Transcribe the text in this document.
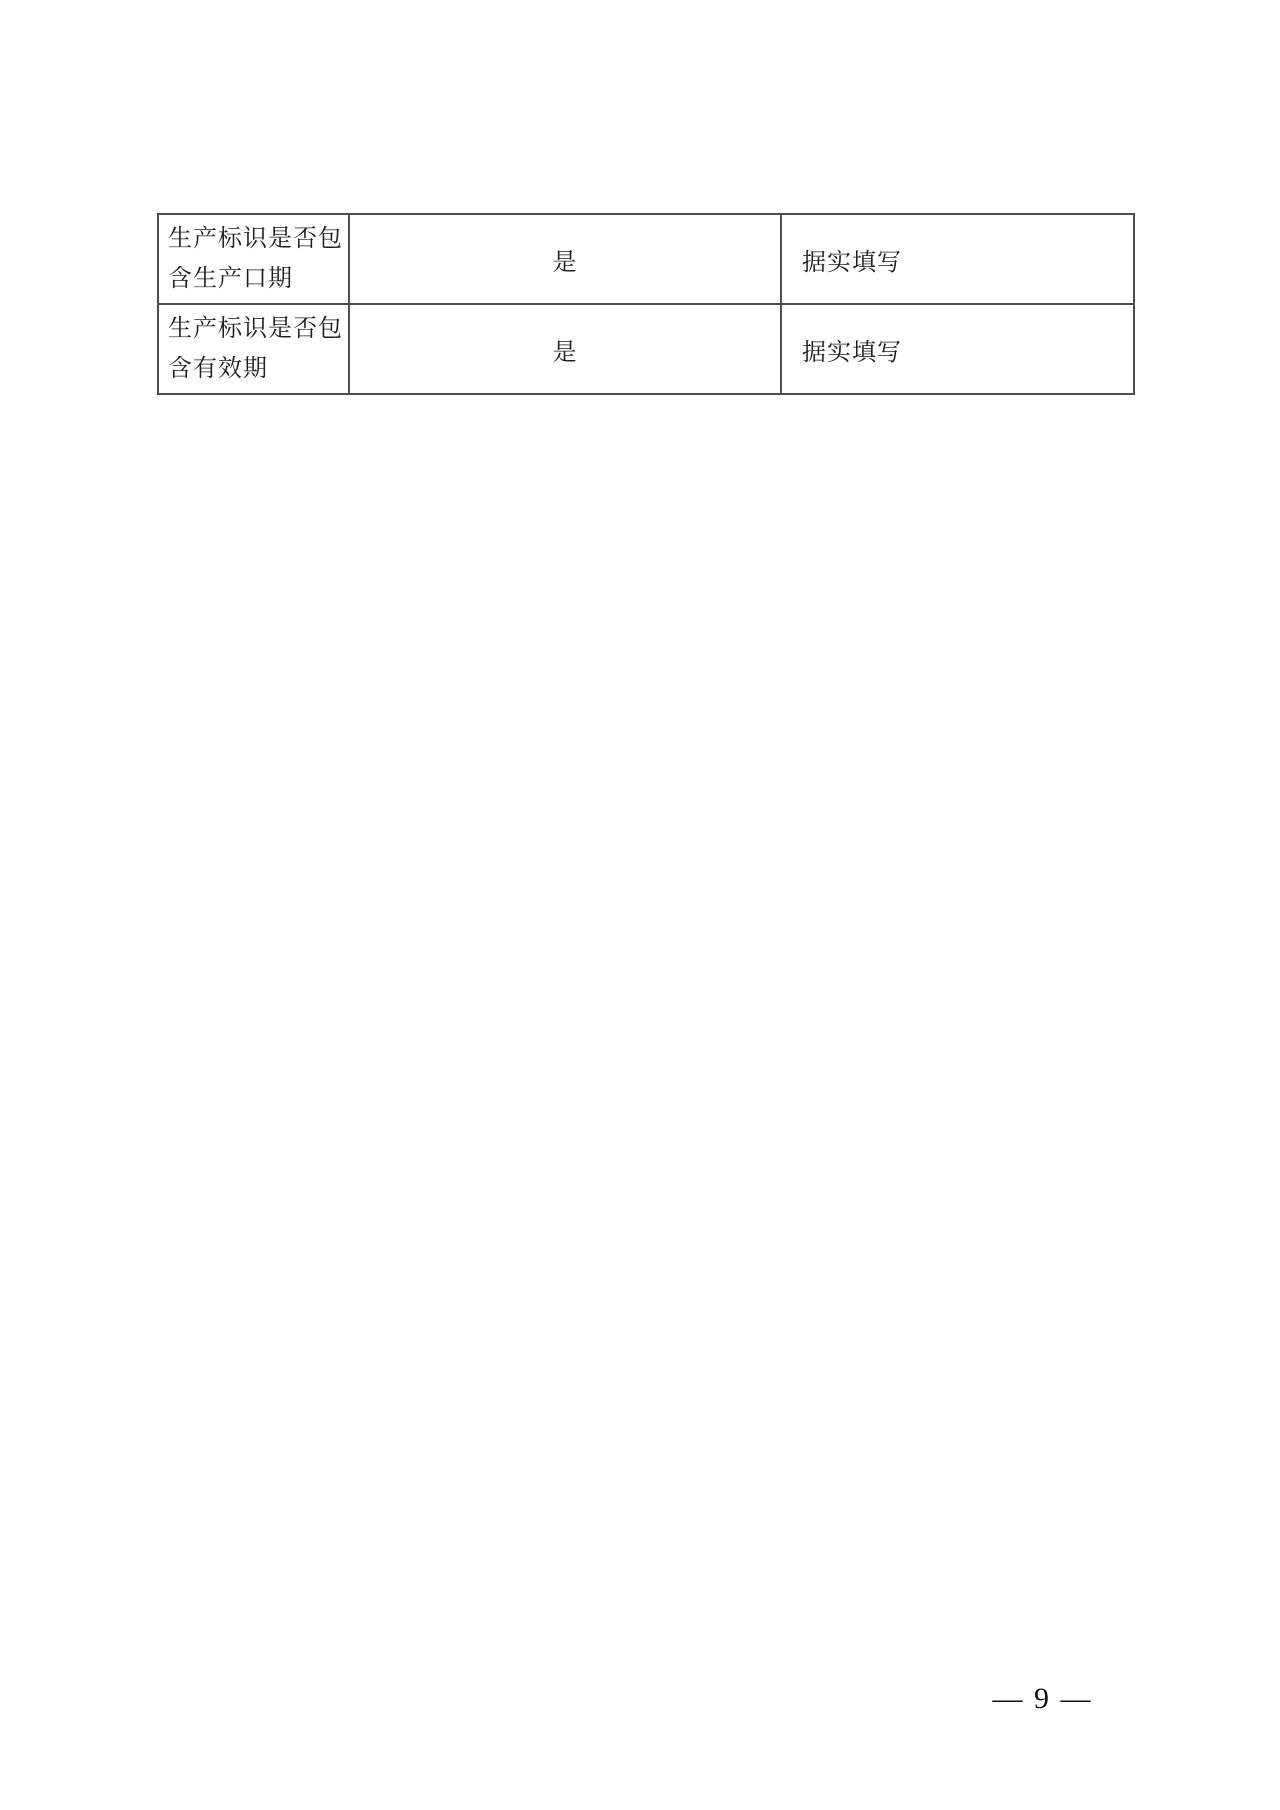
生产标识是否包
含生产口期	是	据实填写

生产标识是否包
含有效期	是	据实填写
— 9 —
